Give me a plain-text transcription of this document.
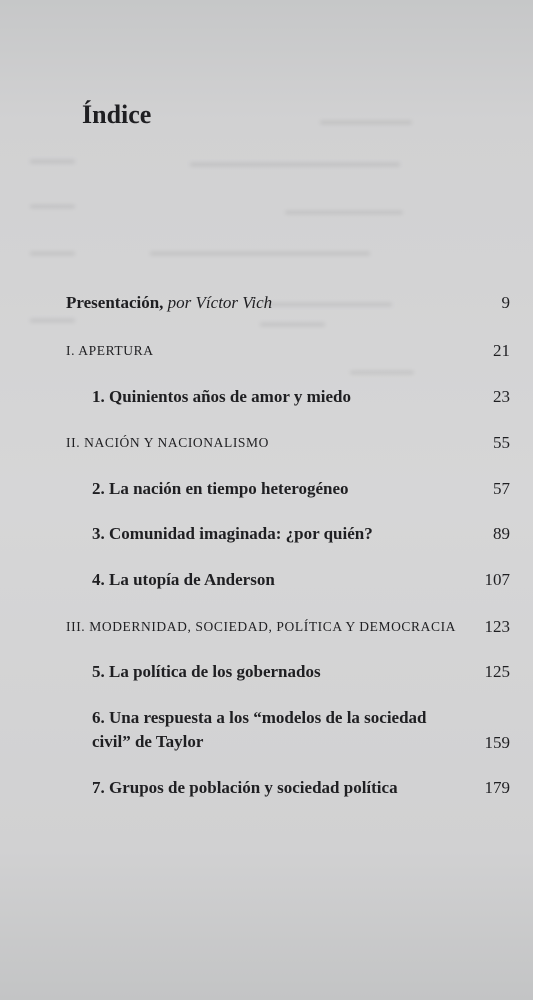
Índice
Presentación, por Víctor Vich	9
I. APERTURA	21
1. Quinientos años de amor y miedo	23
II. NACIÓN Y NACIONALISMO	55
2. La nación en tiempo heterogéneo	57
3. Comunidad imaginada: ¿por quién?	89
4. La utopía de Anderson	107
III. MODERNIDAD, SOCIEDAD, POLÍTICA Y DEMOCRACIA 123
5. La política de los gobernados	125
6. Una respuesta a los “modelos de la sociedad
civil” de Taylor	159
7. Grupos de población y sociedad política	179
